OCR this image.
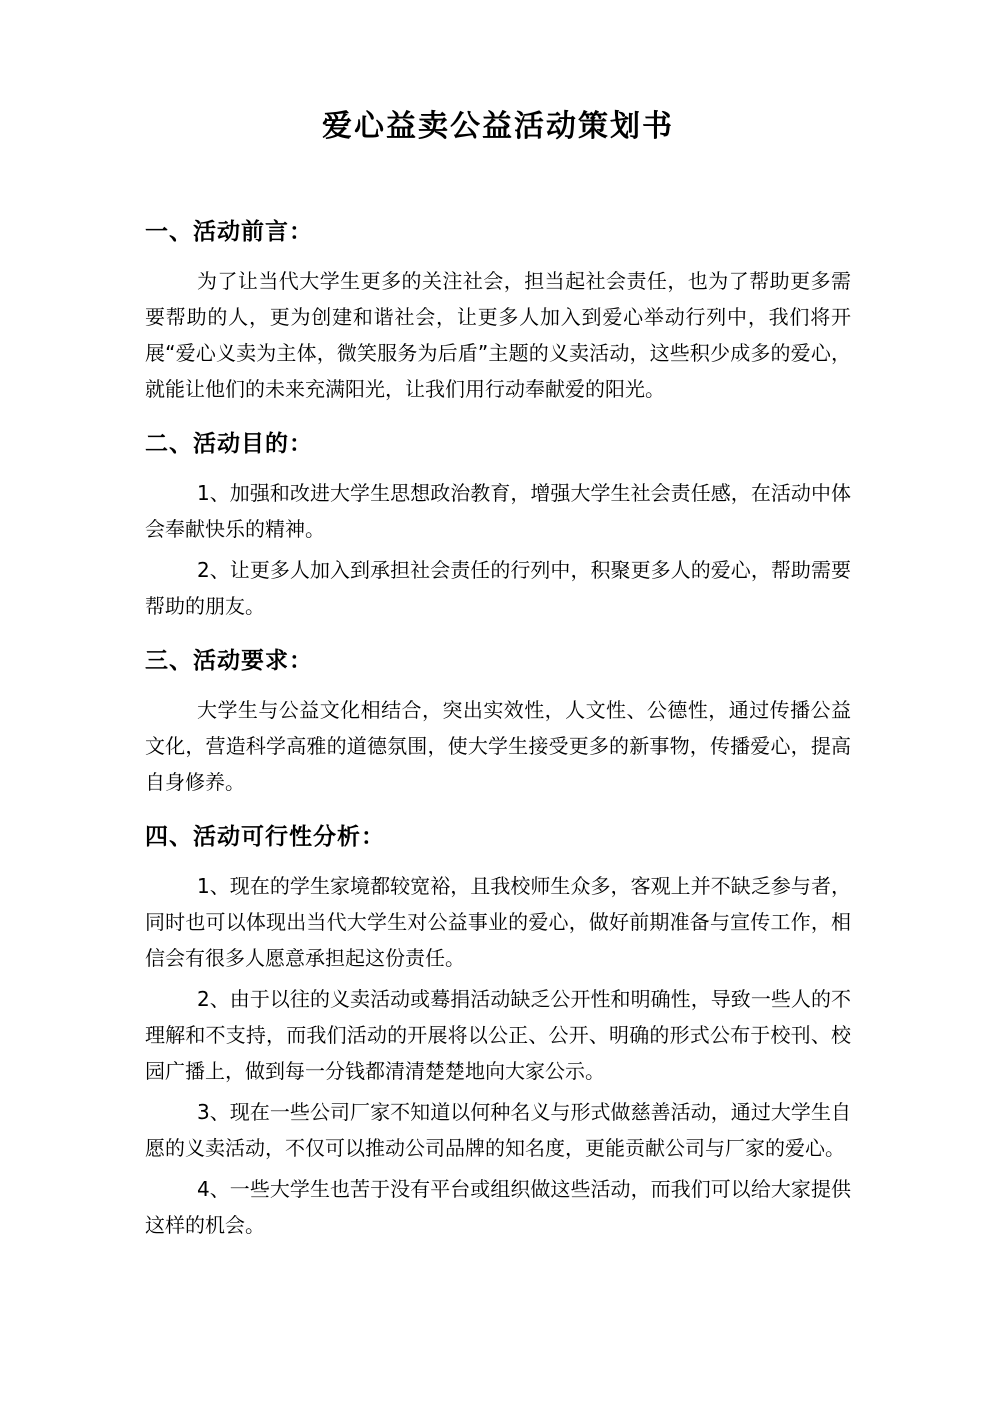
爱心益卖公益活动策划书
一、活动前言：

为了让当代大学生更多的关注社会，担当起社会责任，也为了帮助更多需要帮助的人，更为创建和谐社会，让更多人加入到爱心举动行列中，我们将开展“爱心义卖为主体，微笑服务为后盾”主题的义卖活动，这些积少成多的爱心，就能让他们的未来充满阳光，让我们用行动奉献爱的阳光。

二、活动目的：

1、加强和改进大学生思想政治教育，增强大学生社会责任感，在活动中体会奉献快乐的精神。

2、让更多人加入到承担社会责任的行列中，积聚更多人的爱心，帮助需要帮助的朋友。

三、活动要求：

大学生与公益文化相结合，突出实效性，人文性、公德性，通过传播公益文化，营造科学高雅的道德氛围，使大学生接受更多的新事物，传播爱心，提高自身修养。

四、活动可行性分析：

1、现在的学生家境都较宽裕，且我校师生众多，客观上并不缺乏参与者，同时也可以体现出当代大学生对公益事业的爱心，做好前期准备与宣传工作，相信会有很多人愿意承担起这份责任。

2、由于以往的义卖活动或蓦捐活动缺乏公开性和明确性，导致一些人的不理解和不支持，而我们活动的开展将以公正、公开、明确的形式公布于校刊、校园广播上，做到每一分钱都清清楚楚地向大家公示。

3、现在一些公司厂家不知道以何种名义与形式做慈善活动，通过大学生自愿的义卖活动，不仅可以推动公司品牌的知名度，更能贡献公司与厂家的爱心。

4、一些大学生也苦于没有平台或组织做这些活动，而我们可以给大家提供这样的机会。
